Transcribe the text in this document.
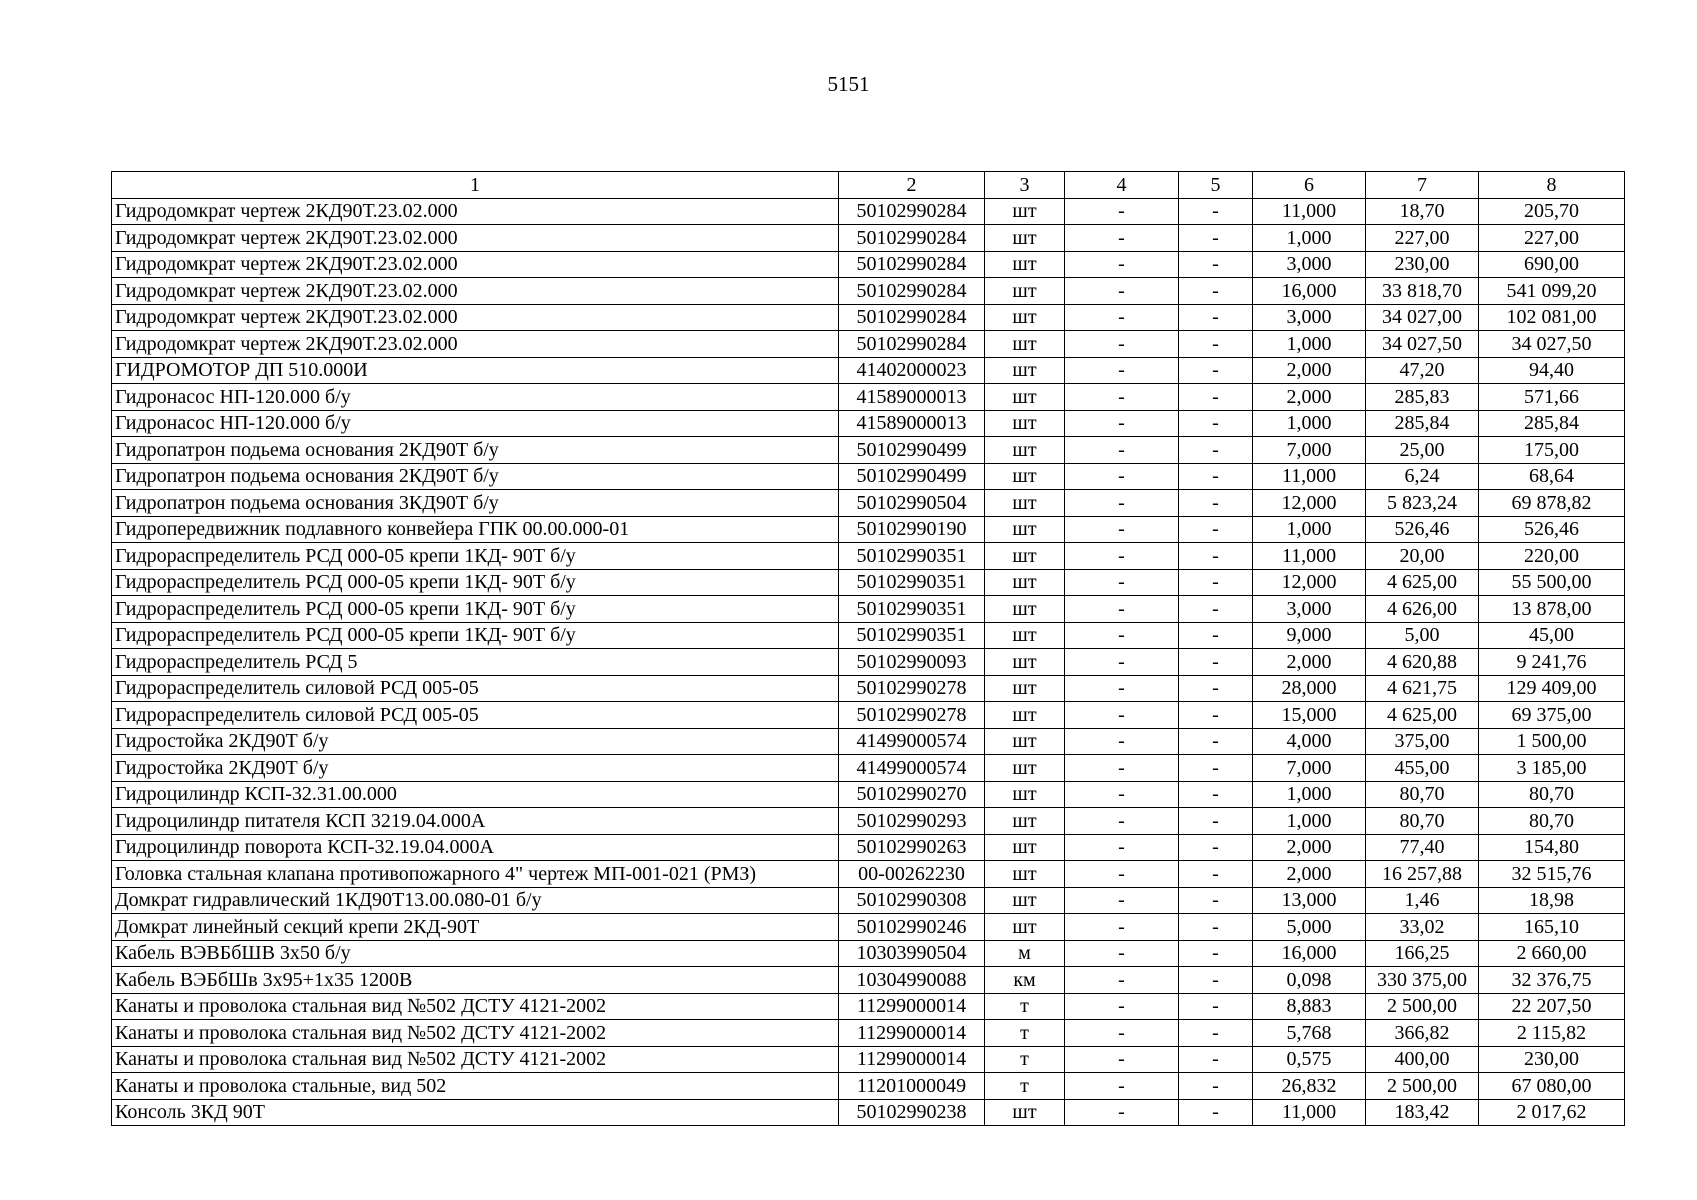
5151
1	2	3	4	5	6	7	8
Гидродомкрат чертеж 2КД90Т.23.02.000	50102990284	шт	-	-	11,000	18,70	205,70
Гидродомкрат чертеж 2КД90Т.23.02.000	50102990284	шт	-	-	1,000	227,00	227,00
Гидродомкрат чертеж 2КД90Т.23.02.000	50102990284	шт	-	-	3,000	230,00	690,00
Гидродомкрат чертеж 2КД90Т.23.02.000	50102990284	шт	-	-	16,000	33 818,70	541 099,20
Гидродомкрат чертеж 2КД90Т.23.02.000	50102990284	шт	-	-	3,000	34 027,00	102 081,00
Гидродомкрат чертеж 2КД90Т.23.02.000	50102990284	шт	-	-	1,000	34 027,50	34 027,50
ГИДРОМОТОР ДП 510.000И	41402000023	шт	-	-	2,000	47,20	94,40
Гидронасос НП-120.000 б/у	41589000013	шт	-	-	2,000	285,83	571,66
Гидронасос НП-120.000 б/у	41589000013	шт	-	-	1,000	285,84	285,84
Гидропатрон подьема основания 2КД90Т б/у	50102990499	шт	-	-	7,000	25,00	175,00
Гидропатрон подьема основания 2КД90Т б/у	50102990499	шт	-	-	11,000	6,24	68,64
Гидропатрон подьема основания 3КД90Т б/у	50102990504	шт	-	-	12,000	5 823,24	69 878,82
Гидропередвижник подлавного конвейера ГПК 00.00.000-01	50102990190	шт	-	-	1,000	526,46	526,46
Гидрораспределитель РСД 000-05 крепи 1КД- 90Т б/у	50102990351	шт	-	-	11,000	20,00	220,00
Гидрораспределитель РСД 000-05 крепи 1КД- 90Т б/у	50102990351	шт	-	-	12,000	4 625,00	55 500,00
Гидрораспределитель РСД 000-05 крепи 1КД- 90Т б/у	50102990351	шт	-	-	3,000	4 626,00	13 878,00
Гидрораспределитель РСД 000-05 крепи 1КД- 90Т б/у	50102990351	шт	-	-	9,000	5,00	45,00
Гидрораспределитель РСД 5	50102990093	шт	-	-	2,000	4 620,88	9 241,76
Гидрораспределитель силовой РСД 005-05	50102990278	шт	-	-	28,000	4 621,75	129 409,00
Гидрораспределитель силовой РСД 005-05	50102990278	шт	-	-	15,000	4 625,00	69 375,00
Гидростойка 2КД90Т б/у	41499000574	шт	-	-	4,000	375,00	1 500,00
Гидростойка 2КД90Т б/у	41499000574	шт	-	-	7,000	455,00	3 185,00
Гидроцилиндр КСП-32.31.00.000	50102990270	шт	-	-	1,000	80,70	80,70
Гидроцилиндр питателя КСП 3219.04.000А	50102990293	шт	-	-	1,000	80,70	80,70
Гидроцилиндр поворота КСП-32.19.04.000А	50102990263	шт	-	-	2,000	77,40	154,80
Головка стальная клапана противопожарного 4" чертеж МП-001-021 (РМЗ)	00-00262230	шт	-	-	2,000	16 257,88	32 515,76
Домкрат гидравлический 1КД90Т13.00.080-01 б/у	50102990308	шт	-	-	13,000	1,46	18,98
Домкрат линейный секций крепи 2КД-90Т	50102990246	шт	-	-	5,000	33,02	165,10
Кабель ВЭВБбШВ 3х50 б/у	10303990504	м	-	-	16,000	166,25	2 660,00
Кабель ВЭБбШв 3х95+1х35 1200В	10304990088	км	-	-	0,098	330 375,00	32 376,75
Канаты и проволока стальная вид №502 ДСТУ 4121-2002	11299000014	т	-	-	8,883	2 500,00	22 207,50
Канаты и проволока стальная вид №502 ДСТУ 4121-2002	11299000014	т	-	-	5,768	366,82	2 115,82
Канаты и проволока стальная вид №502 ДСТУ 4121-2002	11299000014	т	-	-	0,575	400,00	230,00
Канаты и проволока стальные, вид 502	11201000049	т	-	-	26,832	2 500,00	67 080,00
Консоль 3КД 90Т	50102990238	шт	-	-	11,000	183,42	2 017,62
